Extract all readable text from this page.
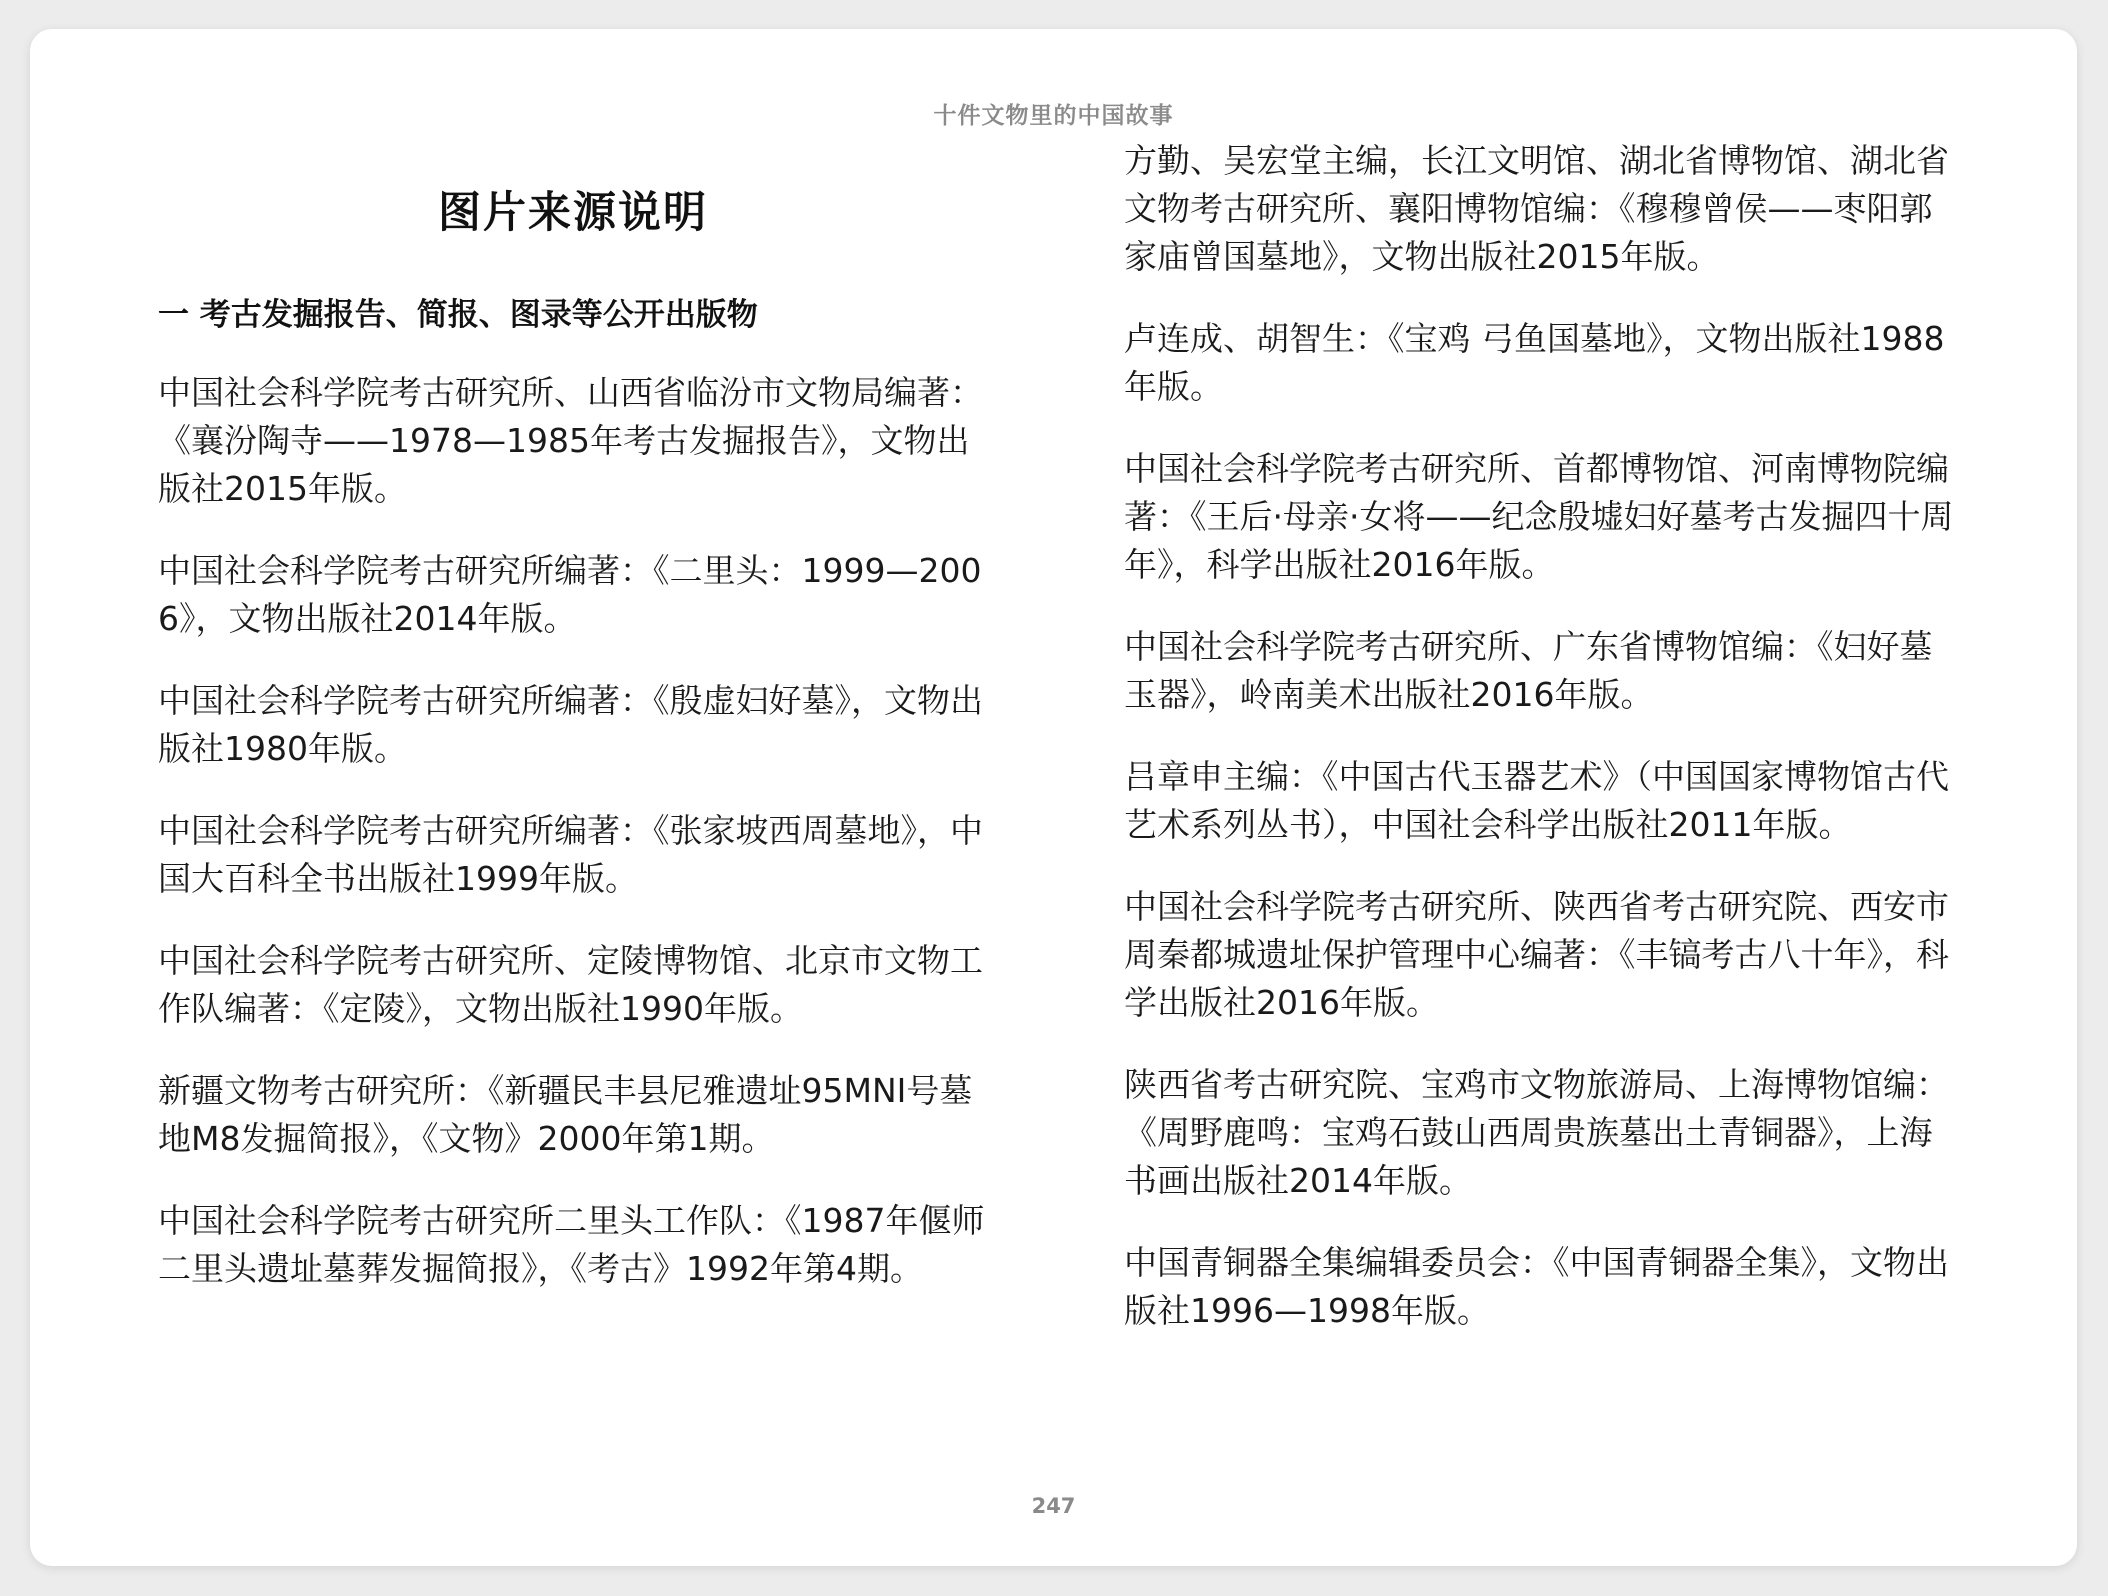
十件文物里的中国故事
图片来源说明
一 考古发掘报告、简报、图录等公开出版物
中国社会科学院考古研究所、山西省临汾市文物局编著：《襄汾陶寺——1978—1985年考古发掘报告》，文物出版社2015年版。
中国社会科学院考古研究所编著：《二里头：1999—2006》，文物出版社2014年版。
中国社会科学院考古研究所编著：《殷虚妇好墓》，文物出版社1980年版。
中国社会科学院考古研究所编著：《张家坡西周墓地》，中国大百科全书出版社1999年版。
中国社会科学院考古研究所、定陵博物馆、北京市文物工作队编著：《定陵》，文物出版社1990年版。
新疆文物考古研究所：《新疆民丰县尼雅遗址95MNI号墓地M8发掘简报》，《文物》2000年第1期。
中国社会科学院考古研究所二里头工作队：《1987年偃师二里头遗址墓葬发掘简报》，《考古》1992年第4期。
方勤、吴宏堂主编，长江文明馆、湖北省博物馆、湖北省文物考古研究所、襄阳博物馆编：《穆穆曾侯——枣阳郭家庙曾国墓地》，文物出版社2015年版。
卢连成、胡智生：《宝鸡 弓鱼国墓地》，文物出版社1988年版。
中国社会科学院考古研究所、首都博物馆、河南博物院编著：《王后·母亲·女将——纪念殷墟妇好墓考古发掘四十周年》，科学出版社2016年版。
中国社会科学院考古研究所、广东省博物馆编：《妇好墓玉器》，岭南美术出版社2016年版。
吕章申主编：《中国古代玉器艺术》（中国国家博物馆古代艺术系列丛书），中国社会科学出版社2011年版。
中国社会科学院考古研究所、陕西省考古研究院、西安市周秦都城遗址保护管理中心编著：《丰镐考古八十年》，科学出版社2016年版。
陕西省考古研究院、宝鸡市文物旅游局、上海博物馆编：《周野鹿鸣：宝鸡石鼓山西周贵族墓出土青铜器》，上海书画出版社2014年版。
中国青铜器全集编辑委员会：《中国青铜器全集》，文物出版社1996—1998年版。
247
